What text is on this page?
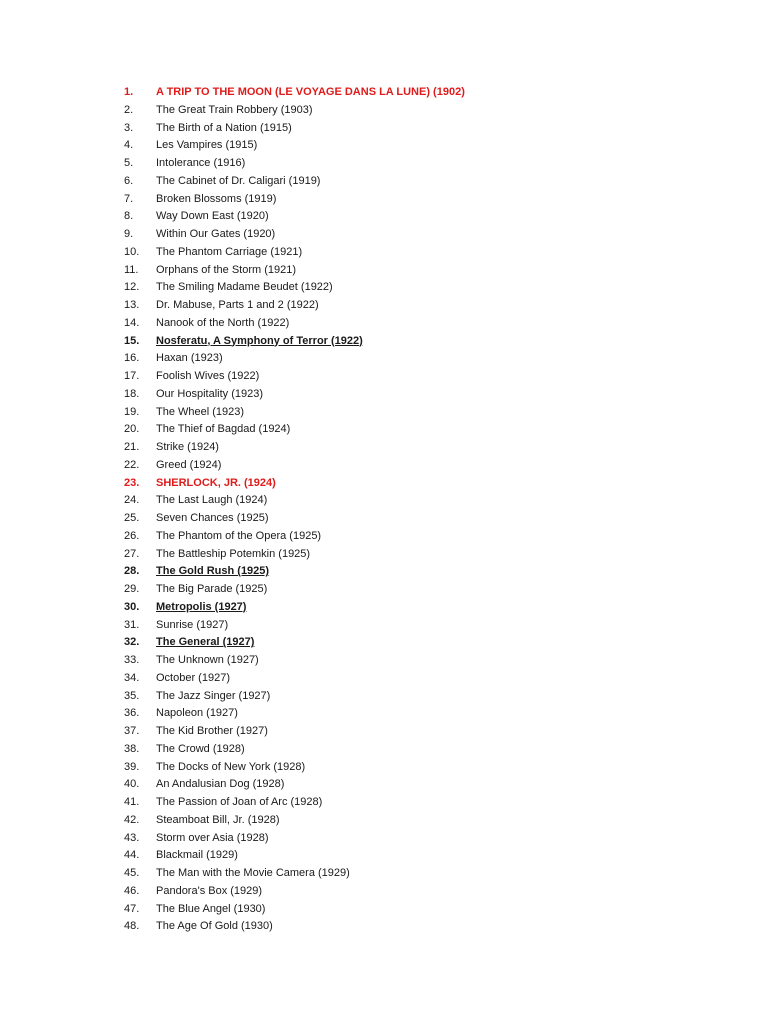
1.	A TRIP TO THE MOON (LE VOYAGE DANS LA LUNE) (1902)
2.	The Great Train Robbery (1903)
3.	The Birth of a Nation (1915)
4.	Les Vampires (1915)
5.	Intolerance (1916)
6.	The Cabinet of Dr. Caligari (1919)
7.	Broken Blossoms (1919)
8.	Way Down East (1920)
9.	Within Our Gates (1920)
10.	The Phantom Carriage (1921)
11.	Orphans of the Storm (1921)
12.	The Smiling Madame Beudet (1922)
13.	Dr. Mabuse, Parts 1 and 2 (1922)
14.	Nanook of the North (1922)
15.	Nosferatu, A Symphony of Terror (1922)
16.	Haxan (1923)
17.	Foolish Wives (1922)
18.	Our Hospitality (1923)
19.	The Wheel (1923)
20.	The Thief of Bagdad (1924)
21.	Strike (1924)
22.	Greed (1924)
23.	SHERLOCK, JR. (1924)
24.	The Last Laugh (1924)
25.	Seven Chances (1925)
26.	The Phantom of the Opera (1925)
27.	The Battleship Potemkin (1925)
28.	The Gold Rush (1925)
29.	The Big Parade (1925)
30.	Metropolis (1927)
31.	Sunrise (1927)
32.	The General (1927)
33.	The Unknown (1927)
34.	October (1927)
35.	The Jazz Singer (1927)
36.	Napoleon (1927)
37.	The Kid Brother (1927)
38.	The Crowd (1928)
39.	The Docks of New York (1928)
40.	An Andalusian Dog (1928)
41.	The Passion of Joan of Arc (1928)
42.	Steamboat Bill, Jr. (1928)
43.	Storm over Asia (1928)
44.	Blackmail (1929)
45.	The Man with the Movie Camera (1929)
46.	Pandora's Box (1929)
47.	The Blue Angel (1930)
48.	The Age Of Gold (1930)
